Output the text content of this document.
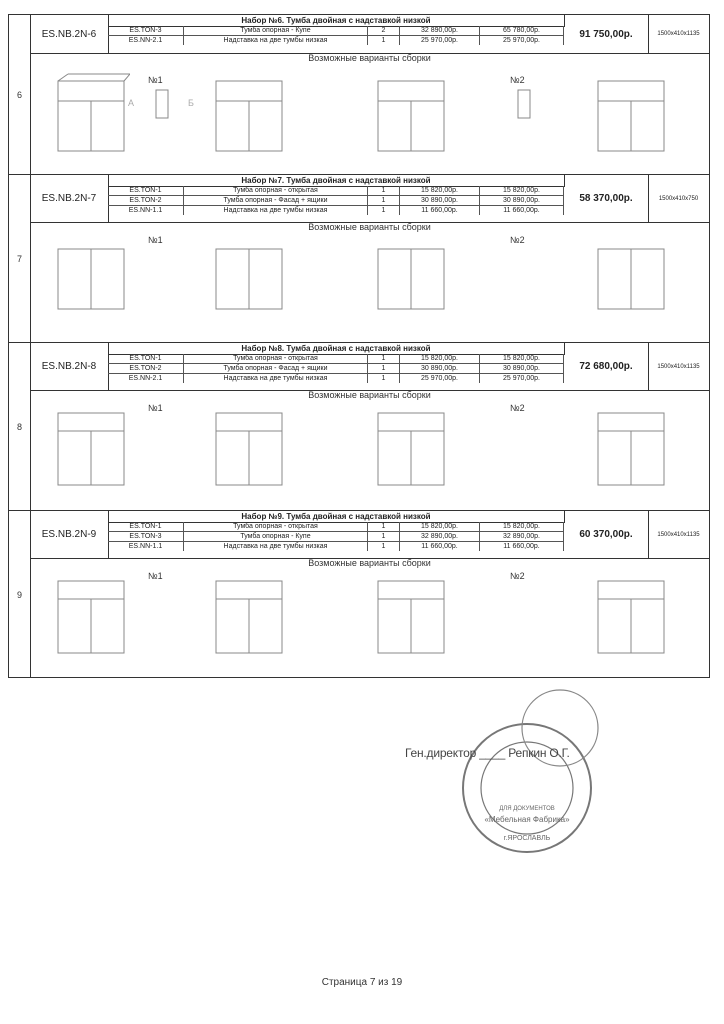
6
ES.NB.2N-6
Набор №6. Тумба двойная с надставкой низкой
ES.TON-3	Тумба опорная - Купе	2	32 890,00р.	65 780,00р.
ES.NN-2.1	Надставка на две тумбы низкая	1	25 970,00р.	25 970,00р.
91 750,00р.	1500х410х1135
Возможные варианты сборки
№1
А	Б
№2
7
ES.NB.2N-7
Набор №7. Тумба двойная с надставкой низкой
ES.TON-1	Тумба опорная - открытая	1	15 820,00р.	15 820,00р.
ES.TON-2	Тумба опорная - Фасад + ящики	1	30 890,00р.	30 890,00р.
ES.NN-1.1	Надставка на две тумбы низкая	1	11 660,00р.	11 660,00р.
58 370,00р.	1500х410х750
Возможные варианты сборки
№1	№2
8
ES.NB.2N-8
Набор №8. Тумба двойная с надставкой низкой
ES.TON-1	Тумба опорная - открытая	1	15 820,00р.	15 820,00р.
ES.TON-2	Тумба опорная - Фасад + ящики	1	30 890,00р.	30 890,00р.
ES.NN-2.1	Надставка на две тумбы низкая	1	25 970,00р.	25 970,00р.
72 680,00р.	1500х410х1135
Возможные варианты сборки
№1	№2
9
ES.NB.2N-9
Набор №9. Тумба двойная с надставкой низкой
ES.TON-1	Тумба опорная - открытая	1	15 820,00р.	15 820,00р.
ES.TON-3	Тумба опорная - Купе	1	32 890,00р.	32 890,00р.
ES.NN-1.1	Надставка на две тумбы низкая	1	11 660,00р.	11 660,00р.
60 370,00р.	1500х410х1135
Возможные варианты сборки
№1	№2
ДЛЯ ДОКУМЕНТОВ
«Мебельная Фабрика»
г.ЯРОСЛАВЛЬ
Ген.директор ____ Репкин О.Г.
Страница 7 из 19
